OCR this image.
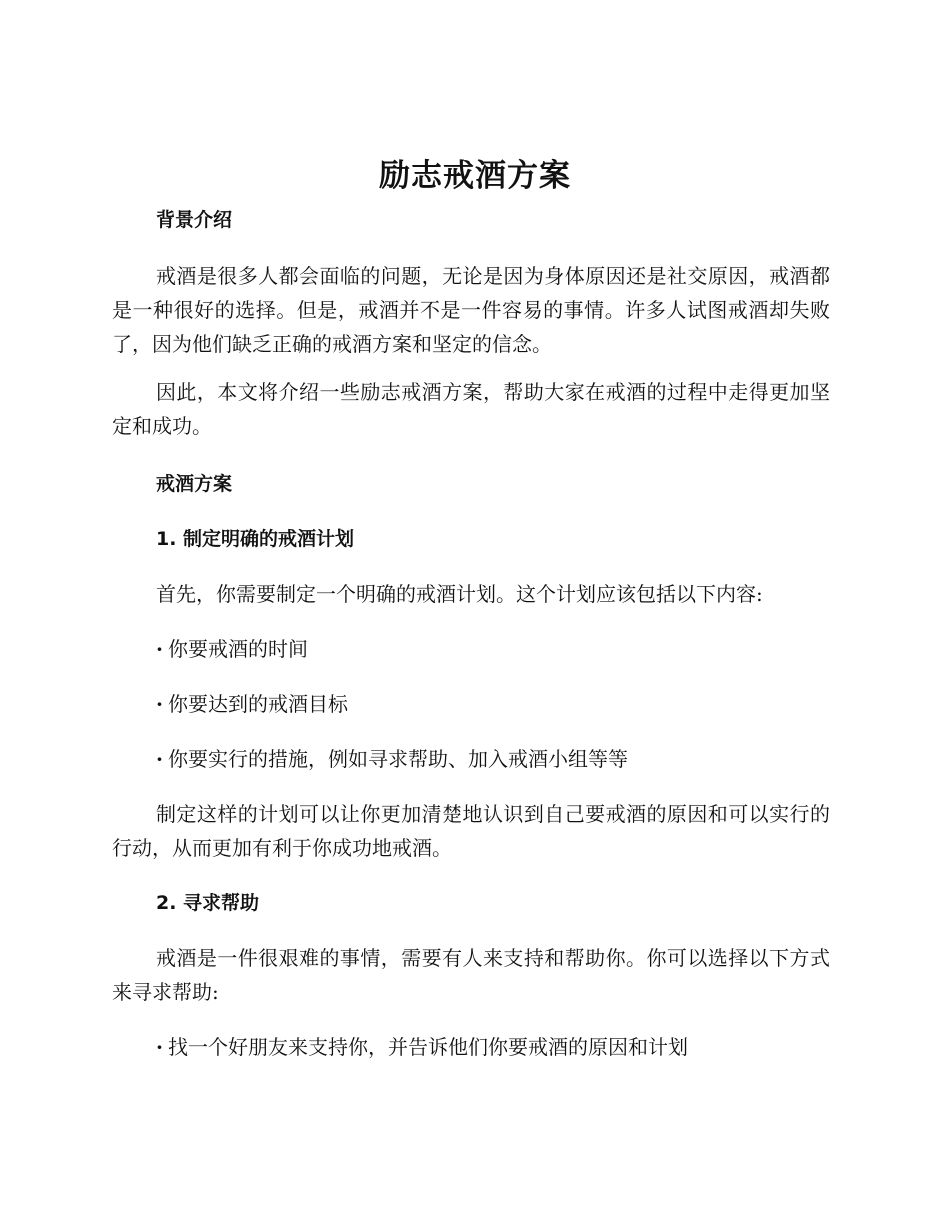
励志戒酒方案

背景介绍

戒酒是很多人都会面临的问题，无论是因为身体原因还是社交原因，戒酒都是一种很好的选择。但是，戒酒并不是一件容易的事情。许多人试图戒酒却失败了，因为他们缺乏正确的戒酒方案和坚定的信念。

因此，本文将介绍一些励志戒酒方案，帮助大家在戒酒的过程中走得更加坚定和成功。

戒酒方案

1. 制定明确的戒酒计划

首先，你需要制定一个明确的戒酒计划。这个计划应该包括以下内容:

· 你要戒酒的时间

· 你要达到的戒酒目标

· 你要实行的措施，例如寻求帮助、加入戒酒小组等等

制定这样的计划可以让你更加清楚地认识到自己要戒酒的原因和可以实行的行动，从而更加有利于你成功地戒酒。

2. 寻求帮助

戒酒是一件很艰难的事情，需要有人来支持和帮助你。你可以选择以下方式来寻求帮助:

· 找一个好朋友来支持你，并告诉他们你要戒酒的原因和计划
